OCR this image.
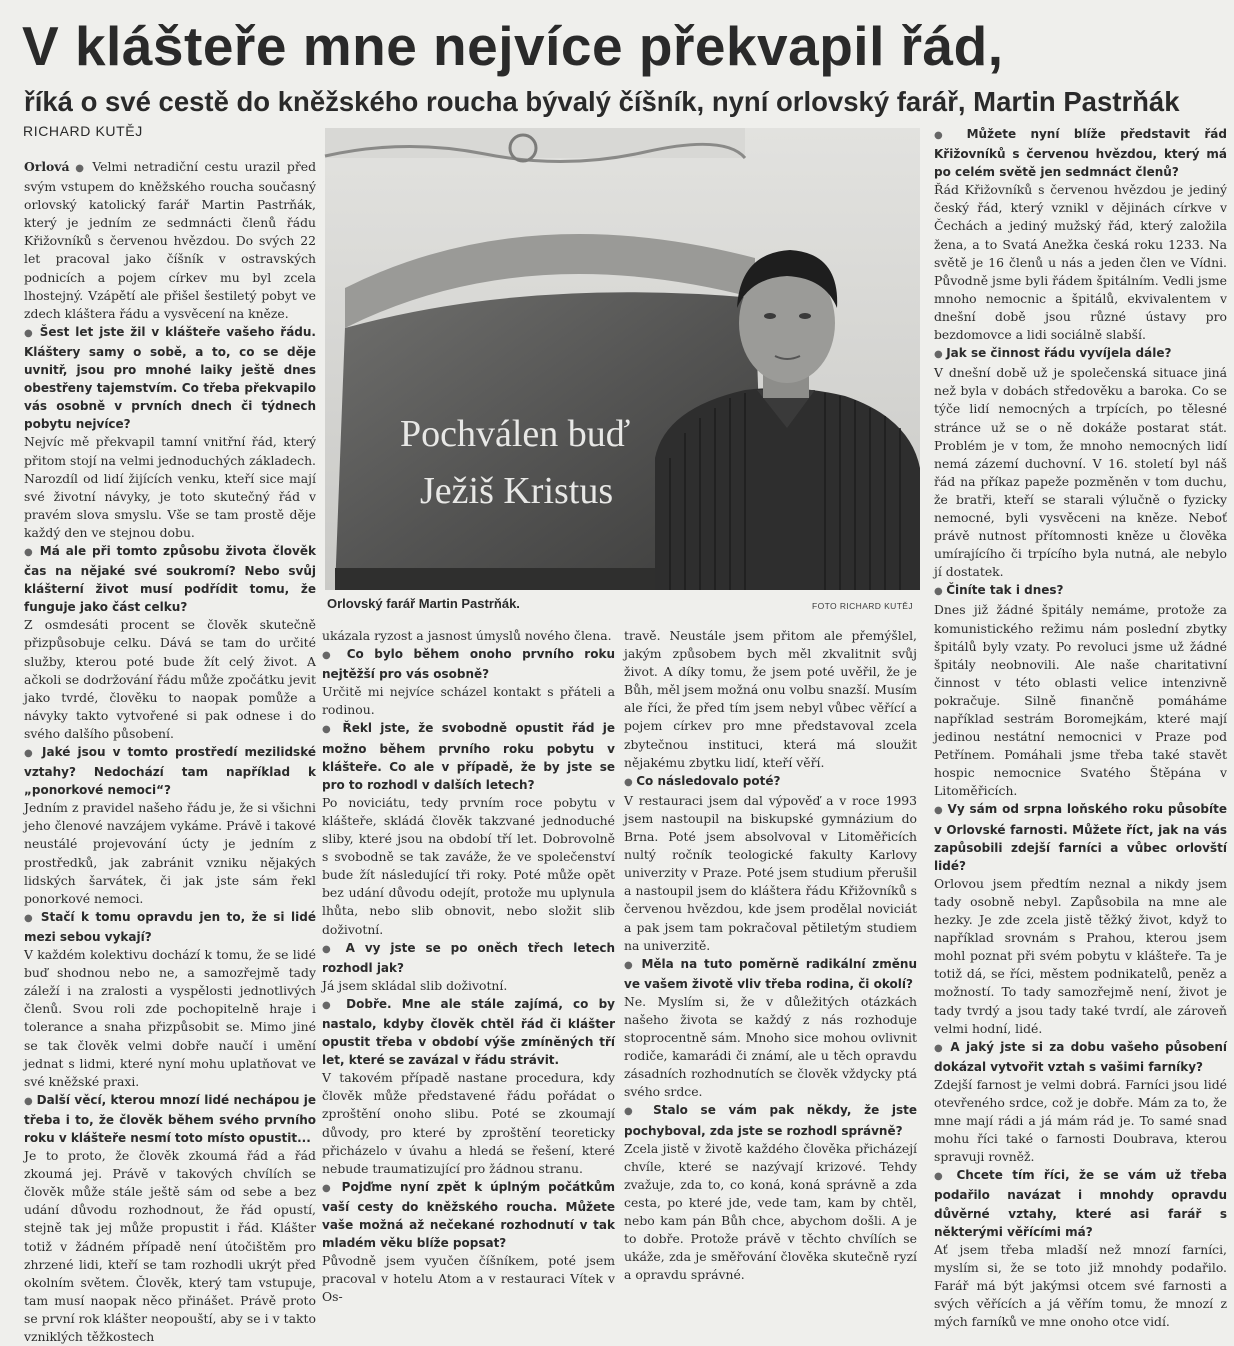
V klášteře mne nejvíce překvapil řád,
říká o své cestě do kněžského roucha bývalý číšník, nyní orlovský farář, Martin Pastrňák
RICHARD KUTĚJ

Orlová ● Velmi netradiční cestu urazil před svým vstupem do kněžského roucha současný orlovský katolický farář Martin Pastrňák, který je jedním ze sedmnácti členů řádu Křižovníků s červenou hvězdou. Do svých 22 let pracoval jako číšník v ostravských podnicích a pojem církev mu byl zcela lhostejný. Vzápětí ale přišel šestiletý pobyt ve zdech kláštera řádu a vysvěcení na kněze.

● Šest let jste žil v klášteře vašeho řádu. Kláštery samy o sobě, a to, co se děje uvnitř, jsou pro mnohé laiky ještě dnes obestřeny tajemstvím. Co třeba překvapilo vás osobně v prvních dnech či týdnech pobytu nejvíce?

Nejvíc mě překvapil tamní vnitřní řád, který přitom stojí na velmi jednoduchých základech. Narozdíl od lidí žijících venku, kteří sice mají své životní návyky, je toto skutečný řád v pravém slova smyslu. Vše se tam prostě děje každý den ve stejnou dobu.

● Má ale při tomto způsobu života člověk čas na nějaké své soukromí? Nebo svůj klášterní život musí podřídit tomu, že funguje jako část celku?

Z osmdesáti procent se člověk skutečně přizpůsobuje celku. Dává se tam do určité služby, kterou poté bude žít celý život. A ačkoli se dodržování řádu může zpočátku jevit jako tvrdé, člověku to naopak pomůže a návyky takto vytvořené si pak odnese i do svého dalšího působení.

● Jaké jsou v tomto prostředí mezilidské vztahy? Nedochází tam například k „ponorkové nemoci“?

Jedním z pravidel našeho řádu je, že si všichni jeho členové navzájem vykáme. Právě i takové neustálé projevování úcty je jedním z prostředků, jak zabránit vzniku nějakých lidských šarvátek, či jak jste sám řekl ponorkové nemoci.

● Stačí k tomu opravdu jen to, že si lidé mezi sebou vykají?

V každém kolektivu dochází k tomu, že se lidé buď shodnou nebo ne, a samozřejmě tady záleží i na zralosti a vyspělosti jednotlivých členů. Svou roli zde pochopitelně hraje i tolerance a snaha přizpůsobit se. Mimo jiné se tak člověk velmi dobře naučí i umění jednat s lidmi, které nyní mohu uplatňovat ve své kněžské praxi.

● Další věcí, kterou mnozí lidé nechápou je třeba i to, že člověk během svého prvního roku v klášteře nesmí toto místo opustit...

Je to proto, že člověk zkoumá řád a řád zkoumá jej. Právě v takových chvílích se člověk může stále ještě sám od sebe a bez udání důvodu rozhodnout, že řád opustí, stejně tak jej může propustit i řád. Klášter totiž v žádném případě není útočištěm pro zhrzené lidi, kteří se tam rozhodli ukrýt před okolním světem. Člověk, který tam vstupuje, tam musí naopak něco přinášet. Právě proto se první rok klášter neopouští, aby se i v takto vzniklých těžkostech

Pochválen buď
Ježiš Kristus
Orlovský farář Martin Pastrňák.	FOTO RICHARD KUTĚJ

ukázala ryzost a jasnost úmyslů nového člena.

● Co bylo během onoho prvního roku nejtěžší pro vás osobně?

Určitě mi nejvíce scházel kontakt s přáteli a rodinou.

● Řekl jste, že svobodně opustit řád je možno během prvního roku pobytu v klášteře. Co ale v případě, že by jste se pro to rozhodl v dalších letech?

Po noviciátu, tedy prvním roce pobytu v klášteře, skládá člověk takzvané jednoduché sliby, které jsou na období tří let. Dobrovolně s svobodně se tak zaváže, že ve společenství bude žít následující tři roky. Poté může opět bez udání důvodu odejít, protože mu uplynula lhůta, nebo slib obnovit, nebo složit slib doživotní.

● A vy jste se po oněch třech letech rozhodl jak?

Já jsem skládal slib doživotní.

● Dobře. Mne ale stále zajímá, co by nastalo, kdyby člověk chtěl řád či klášter opustit třeba v období výše zmíněných tří let, které se zavázal v řádu strávit.

V takovém případě nastane procedura, kdy člověk může představené řádu pořádat o zproštění onoho slibu. Poté se zkoumají důvody, pro které by zproštění teoreticky přicházelo v úvahu a hledá se řešení, které nebude traumatizující pro žádnou stranu.

● Pojďme nyní zpět k úplným počátkům vaší cesty do kněžského roucha. Můžete vaše možná až nečekané rozhodnutí v tak mladém věku blíže popsat?

Původně jsem vyučen číšníkem, poté jsem pracoval v hotelu Atom a v restauraci Vítek v Os-

travě. Neustále jsem přitom ale přemýšlel, jakým způsobem bych měl zkvalitnit svůj život. A díky tomu, že jsem poté uvěřil, že je Bůh, měl jsem možná onu volbu snazší. Musím ale říci, že před tím jsem nebyl vůbec věřící a pojem církev pro mne představoval zcela zbytečnou instituci, která má sloužit nějakému zbytku lidí, kteří věří.

● Co následovalo poté?

V restauraci jsem dal výpověď a v roce 1993 jsem nastoupil na biskupské gymnázium do Brna. Poté jsem absolvoval v Litoměřicích nultý ročník teologické fakulty Karlovy univerzity v Praze. Poté jsem studium přerušil a nastoupil jsem do kláštera řádu Křižovníků s červenou hvězdou, kde jsem prodělal noviciát a pak jsem tam pokračoval pětiletým studiem na univerzitě.

● Měla na tuto poměrně radikální změnu ve vašem životě vliv třeba rodina, či okolí?

Ne. Myslím si, že v důležitých otázkách našeho života se každý z nás rozhoduje stoprocentně sám. Mnoho sice mohou ovlivnit rodiče, kamarádi či známí, ale u těch opravdu zásadních rozhodnutích se člověk vždycky ptá svého srdce.

● Stalo se vám pak někdy, že jste pochyboval, zda jste se rozhodl správně?

Zcela jistě v životě každého člověka přicházejí chvíle, které se nazývají krizové. Tehdy zvažuje, zda to, co koná, koná správně a zda cesta, po které jde, vede tam, kam by chtěl, nebo kam pán Bůh chce, abychom došli. A je to dobře. Protože právě v těchto chvílích se ukáže, zda je směřování člověka skutečně ryzí a opravdu správné.

● Můžete nyní blíže představit řád Křižovníků s červenou hvězdou, který má po celém světě jen sedmnáct členů?

Řád Křižovníků s červenou hvězdou je jediný český řád, který vznikl v dějinách církve v Čechách a jediný mužský řád, který založila žena, a to Svatá Anežka česká roku 1233. Na světě je 16 členů u nás a jeden člen ve Vídni. Původně jsme byli řádem špitálním. Vedli jsme mnoho nemocnic a špitálů, ekvivalentem v dnešní době jsou různé ústavy pro bezdomovce a lidi sociálně slabší.

● Jak se činnost řádu vyvíjela dále?

V dnešní době už je společenská situace jiná než byla v dobách středověku a baroka. Co se týče lidí nemocných a trpících, po tělesné stránce už se o ně dokáže postarat stát. Problém je v tom, že mnoho nemocných lidí nemá zázemí duchovní. V 16. století byl náš řád na příkaz papeže pozměněn v tom duchu, že bratři, kteří se starali výlučně o fyzicky nemocné, byli vysvěceni na kněze. Neboť právě nutnost přítomnosti kněze u člověka umírajícího či trpícího byla nutná, ale nebylo jí dostatek.

● Činíte tak i dnes?

Dnes již žádné špitály nemáme, protože za komunistického režimu nám poslední zbytky špitálů byly vzaty. Po revoluci jsme už žádné špitály neobnovili. Ale naše charitativní činnost v této oblasti velice intenzivně pokračuje. Silně finančně pomáháme například sestrám Boromejkám, které mají jedinou nestátní nemocnici v Praze pod Petřínem. Pomáhali jsme třeba také stavět hospic nemocnice Svatého Štěpána v Litoměřicích.

● Vy sám od srpna loňského roku působíte v Orlovské farnosti. Můžete říct, jak na vás zapůsobili zdejší farníci a vůbec orlovští lidé?

Orlovou jsem předtím neznal a nikdy jsem tady osobně nebyl. Zapůsobila na mne ale hezky. Je zde zcela jistě těžký život, když to například srovnám s Prahou, kterou jsem mohl poznat při svém pobytu v klášteře. Ta je totiž dá, se říci, městem podnikatelů, peněz a možností. To tady samozřejmě není, život je tady tvrdý a jsou tady také tvrdí, ale zároveň velmi hodní, lidé.

● A jaký jste si za dobu vašeho působení dokázal vytvořit vztah s vašimi farníky?

Zdejší farnost je velmi dobrá. Farníci jsou lidé otevřeného srdce, což je dobře. Mám za to, že mne mají rádi a já mám rád je. To samé snad mohu říci také o farnosti Doubrava, kterou spravuji rovněž.

● Chcete tím říci, že se vám už třeba podařilo navázat i mnohdy opravdu důvěrné vztahy, které asi farář s některými věřícími má?

Ať jsem třeba mladší než mnozí farníci, myslím si, že se toto již mnohdy podařilo. Farář má být jakýmsi otcem své farnosti a svých věřících a já věřím tomu, že mnozí z mých farníků ve mne onoho otce vidí.
